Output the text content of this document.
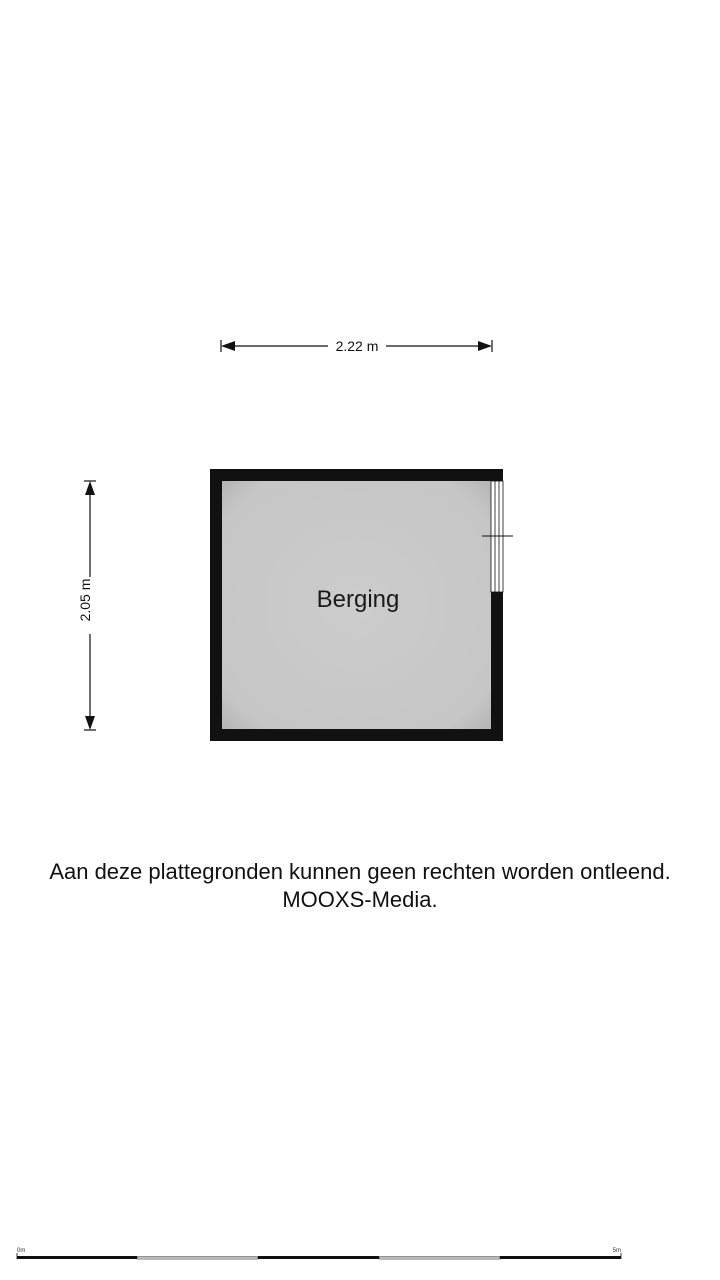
2.22 m
2.05 m	Berging
0m	5m
Aan deze plattegronden kunnen geen rechten worden ontleend.
MOOXS-Media.
